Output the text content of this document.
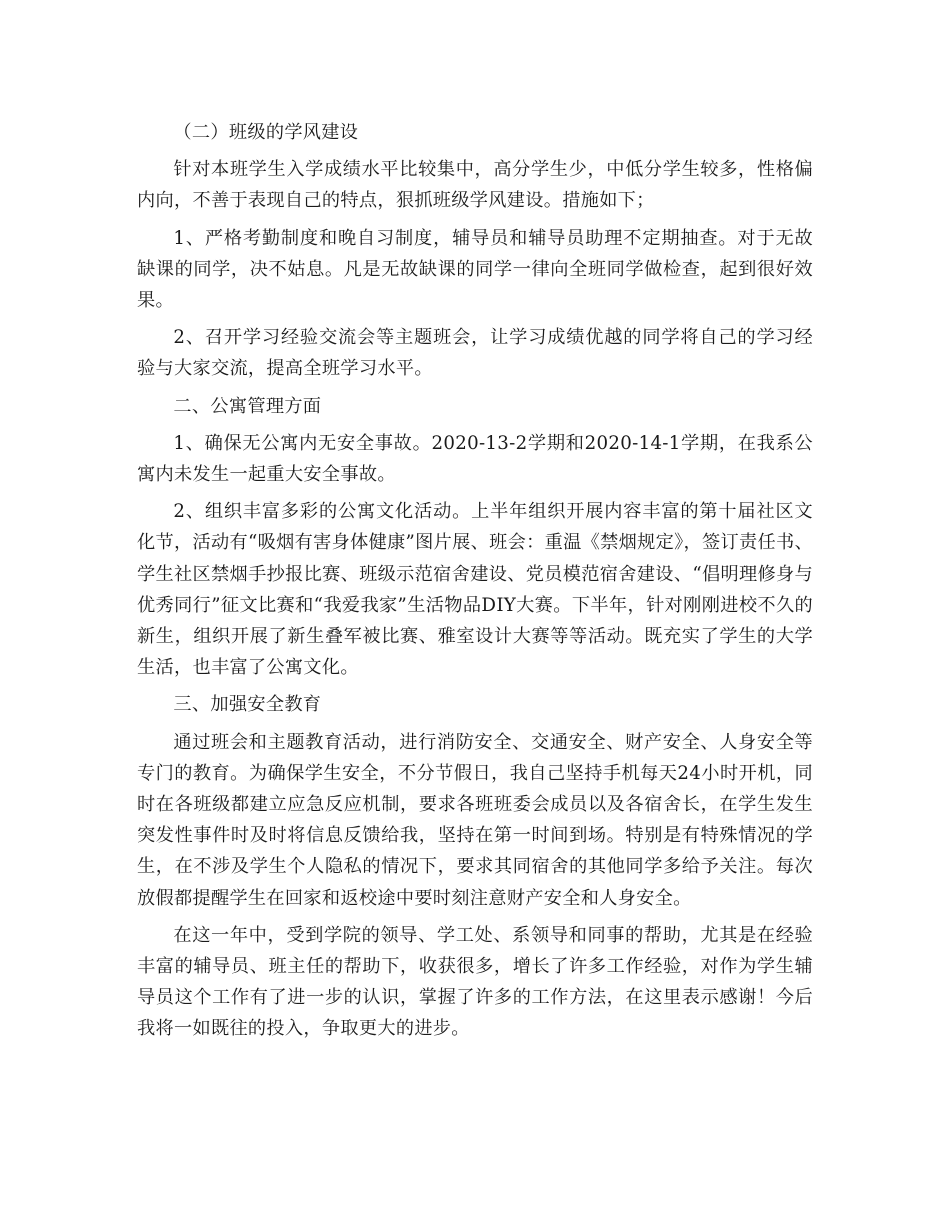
（二）班级的学风建设

针对本班学生入学成绩水平比较集中，高分学生少，中低分学生较多，性格偏内向，不善于表现自己的特点，狠抓班级学风建设。措施如下；

1、严格考勤制度和晚自习制度，辅导员和辅导员助理不定期抽查。对于无故缺课的同学，决不姑息。凡是无故缺课的同学一律向全班同学做检查，起到很好效果。

2、召开学习经验交流会等主题班会，让学习成绩优越的同学将自己的学习经验与大家交流，提高全班学习水平。

二、公寓管理方面

1、确保无公寓内无安全事故。2020-13-2学期和2020-14-1学期，在我系公寓内未发生一起重大安全事故。

2、组织丰富多彩的公寓文化活动。上半年组织开展内容丰富的第十届社区文化节，活动有“吸烟有害身体健康”图片展、班会：重温《禁烟规定》，签订责任书、学生社区禁烟手抄报比赛、班级示范宿舍建设、党员模范宿舍建设、“倡明理修身与优秀同行”征文比赛和“我爱我家”生活物品DIY大赛。下半年，针对刚刚进校不久的新生，组织开展了新生叠军被比赛、雅室设计大赛等等活动。既充实了学生的大学生活，也丰富了公寓文化。

三、加强安全教育

通过班会和主题教育活动，进行消防安全、交通安全、财产安全、人身安全等专门的教育。为确保学生安全，不分节假日，我自己坚持手机每天24小时开机，同时在各班级都建立应急反应机制，要求各班班委会成员以及各宿舍长，在学生发生突发性事件时及时将信息反馈给我，坚持在第一时间到场。特别是有特殊情况的学生，在不涉及学生个人隐私的情况下，要求其同宿舍的其他同学多给予关注。每次放假都提醒学生在回家和返校途中要时刻注意财产安全和人身安全。

在这一年中，受到学院的领导、学工处、系领导和同事的帮助，尤其是在经验丰富的辅导员、班主任的帮助下，收获很多，增长了许多工作经验，对作为学生辅导员这个工作有了进一步的认识，掌握了许多的工作方法，在这里表示感谢！今后我将一如既往的投入，争取更大的进步。
